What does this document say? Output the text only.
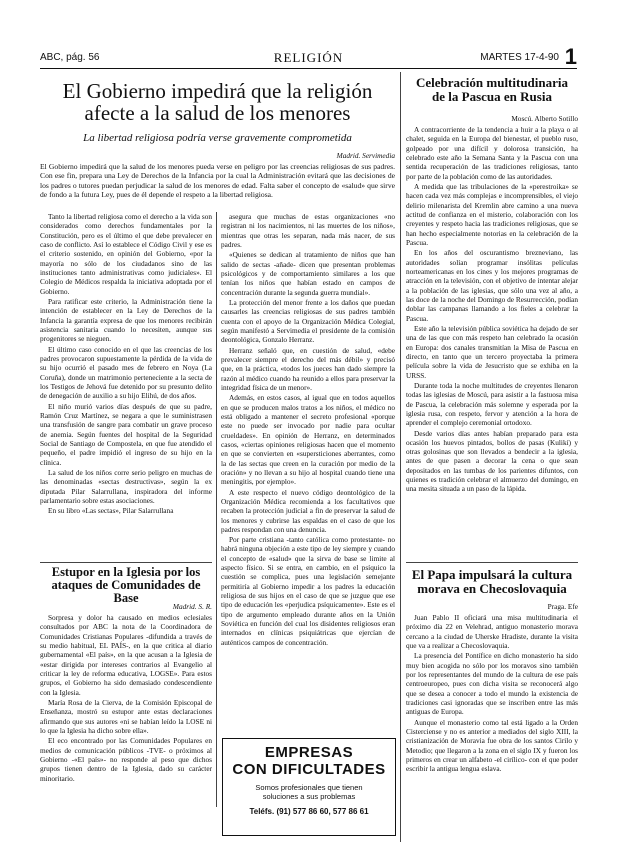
ABC, pág. 56	RELIGIÓN	MARTES 17-4-90 1
El Gobierno impedirá que la religión
afecte a la salud de los menores
La libertad religiosa podría verse gravemente comprometida
Madrid. Servimedia
El Gobierno impedirá que la salud de los menores pueda verse en peligro por las creencias religiosas de sus padres. Con ese fin, prepara una Ley de Derechos de la Infancia por la cual la Administración evitará que las decisiones de los padres o tutores puedan perjudicar la salud de los menores de edad. Falta saber el concepto de «salud» que sirve de fondo a la futura Ley, pues de él depende el respeto a la libertad religiosa.

Tanto la libertad religiosa como el derecho a la vida son considerados como derechos fundamentales por la Constitución, pero es el último el que debe prevalecer en caso de conflicto. Así lo establece el Código Civil y ese es el criterio sostenido, en opinión del Gobierno, «por la mayoría no sólo de los ciudadanos sino de las instituciones tanto administrativas como judiciales». El Colegio de Médicos respalda la iniciativa adoptada por el Gobierno.

Para ratificar este criterio, la Administración tiene la intención de establecer en la Ley de Derechos de la Infancia la garantía expresa de que los menores recibirán asistencia sanitaria cuando lo necesiten, aunque sus progenitores se nieguen.

El último caso conocido en el que las creencias de los padres provocaron supuestamente la pérdida de la vida de su hijo ocurrió el pasado mes de febrero en Noya (La Coruña), donde un matrimonio perteneciente a la secta de los Testigos de Jehová fue detenido por su presunto delito de denegación de auxilio a su hijo Elihú, de dos años.

El niño murió varios días después de que su padre, Ramón Cruz Martínez, se negara a que le suministrasen una transfusión de sangre para combatir un grave proceso de anemia. Según fuentes del hospital de la Seguridad Social de Santiago de Compostela, en que fue atendido el pequeño, el padre impidió el ingreso de su hijo en la clínica.

La salud de los niños corre serio peligro en muchas de las denominadas «sectas destructivas», según la ex diputada Pilar Salarrullana, inspiradora del informe parlamentario sobre estas asociaciones.

En su libro «Las sectas», Pilar Salarrullana

asegura que muchas de estas organizaciones «no registran ni los nacimientos, ni las muertes de los niños», mientras que otras les separan, nada más nacer, de sus padres.

«Quienes se dedican al tratamiento de niños que han salido de sectas -añade- dicen que presentan problemas psicológicos y de comportamiento similares a los que tenían los niños que habían estado en campos de concentración durante la segunda guerra mundial».

La protección del menor frente a los daños que puedan causarles las creencias religiosas de sus padres también cuenta con el apoyo de la Organización Médica Colegial, según manifestó a Servimedia el presidente de la comisión deontológica, Gonzalo Herranz.

Herranz señaló que, en cuestión de salud, «debe prevalecer siempre el derecho del más débil» y precisó que, en la práctica, «todos los jueces han dado siempre la razón al médico cuando ha reunido a ellos para preservar la integridad física de un menor».

Además, en estos casos, al igual que en todos aquellos en que se producen malos tratos a los niños, el médico no está obligado a mantener el secreto profesional «porque este no puede ser invocado por nadie para ocultar crueldades». En opinión de Herranz, en determinados casos, «ciertas opiniones religiosas hacen que el momento en que se convierten en «supersticiones aberrantes, como la de las sectas que creen en la curación por medio de la oración» y no llevan a su hijo al hospital cuando tiene una meningitis, por ejemplo».

A este respecto el nuevo código deontológico de la Organización Médica recomienda a los facultativos que recaben la protección judicial a fin de preservar la salud de los menores y cubrirse las espaldas en el caso de que los padres respondan con una denuncia.

Por parte cristiana -tanto católica como protestante- no habrá ninguna objeción a este tipo de ley siempre y cuando el concepto de «salud» que la sirva de base se limite al aspecto físico. Si se entra, en cambio, en el psíquico la cuestión se complica, pues una legislación semejante permitiría al Gobierno impedir a los padres la educación religiosa de sus hijos en el caso de que se juzgue que ese tipo de educación les «perjudica psíquicamente». Este es el tipo de argumento empleado durante años en la Unión Soviética en función del cual los disidentes religiosos eran internados en clínicas psiquiátricas que ejercían de auténticos campos de concentración.

Estupor en la Iglesia por los
ataques de Comunidades de Base
Madrid. S. R.

Sorpresa y dolor ha causado en medios eclesiales consultados por ABC la nota de la Coordinadora de Comunidades Cristianas Populares -difundida a través de su medio habitual, EL PAÍS-, en la que critica al diario gubernamental «El país», en la que acusan a la Iglesia de «estar dirigida por intereses contrarios al Evangelio al criticar la ley de reforma educativa, LOGSE». Para estos grupos, el Gobierno ha sido demasiado condescendiente con la Iglesia.

María Rosa de la Cierva, de la Comisión Episcopal de Enseñanza, mostró su estupor ante estas declaraciones afirmando que sus autores «ni se habían leído la LOSE ni lo que la Iglesia ha dicho sobre ella».

El eco encontrado por las Comunidades Populares en medios de comunicación públicos -TVE- o próximos al Gobierno -«El país»- no responde al peso que dichos grupos tienen dentro de la Iglesia, dado su carácter minoritario.

EMPRESAS
CON DIFICULTADES
Somos profesionales que tienen
soluciones a sus problemas
Teléfs. (91) 577 86 60, 577 86 61
Celebración multitudinaria
de la Pascua en Rusia
Moscú. Alberto Sotillo

A contracorriente de la tendencia a huir a la playa o al chalet, seguida en la Europa del bienestar, el pueblo ruso, golpeado por una difícil y dolorosa transición, ha celebrado este año la Semana Santa y la Pascua con una sentida recuperación de las tradiciones religiosas, tanto por parte de la población como de las autoridades.

A medida que las tribulaciones de la «perestroika» se hacen cada vez más complejas e incomprensibles, el viejo delirio milenarista del Kremlin abre camino a una nueva actitud de confianza en el misterio, colaboración con los creyentes y respeto hacia las tradiciones religiosas, que se han hecho especialmente notorias en la celebración de la Pascua.

En los años del oscurantismo brezneviano, las autoridades solían programar insólitas películas norteamericanas en los cines y los mejores programas de atracción en la televisión, con el objetivo de intentar alejar a la población de las iglesias, que sólo una vez al año, a las doce de la noche del Domingo de Resurrección, podían doblar las campanas llamando a los fieles a celebrar la Pascua.

Este año la televisión pública soviética ha dejado de ser una de las que con más respeto han celebrado la ocasión en Europa: dos canales transmitían la Misa de Pascua en directo, en tanto que un tercero proyectaba la primera película sobre la vida de Jesucristo que se exhiba en la URSS.

Durante toda la noche multitudes de creyentes llenaron todas las iglesias de Moscú, para asistir a la fastuosa misa de Pascua, la celebración más solemne y esperada por la iglesia rusa, con respeto, fervor y atención a la hora de aprender el complejo ceremonial ortodoxo.

Desde varios días antes habían preparado para esta ocasión los huevos pintados, bollos de pasas (Kulikí) y otras golosinas que son llevados a bendecir a la iglesia, antes de que pasen a decorar la cena o que sean depositados en las tumbas de los parientes difuntos, con quienes es tradición celebrar el almuerzo del domingo, en una mesita situada a un paso de la lápida.

El Papa impulsará la cultura
morava en Checoslovaquia
Praga. Efe

Juan Pablo II oficiará una misa multitudinaria el próximo día 22 en Velehrad, antiguo monasterio morava cercano a la ciudad de Uherske Hradiste, durante la visita que va a realizar a Checoslovaquia.

La presencia del Pontífice en dicho monasterio ha sido muy bien acogida no sólo por los moravos sino también por los representantes del mundo de la cultura de ese país centroeuropeo, pues con dicha visita se reconocerá algo que se desea a conocer a todo el mundo la existencia de tradiciones casi ignoradas que se inscriben entre las más antiguas de Europa.

Aunque el monasterio como tal está ligado a la Orden Cisterciense y no es anterior a mediados del siglo XIII, la cristianización de Moravia fue obra de los santos Cirilo y Metodio; que llegaron a la zona en el siglo IX y fueron los primeros en crear un alfabeto -el cirílico- con el que poder escribir la antigua lengua eslava.
